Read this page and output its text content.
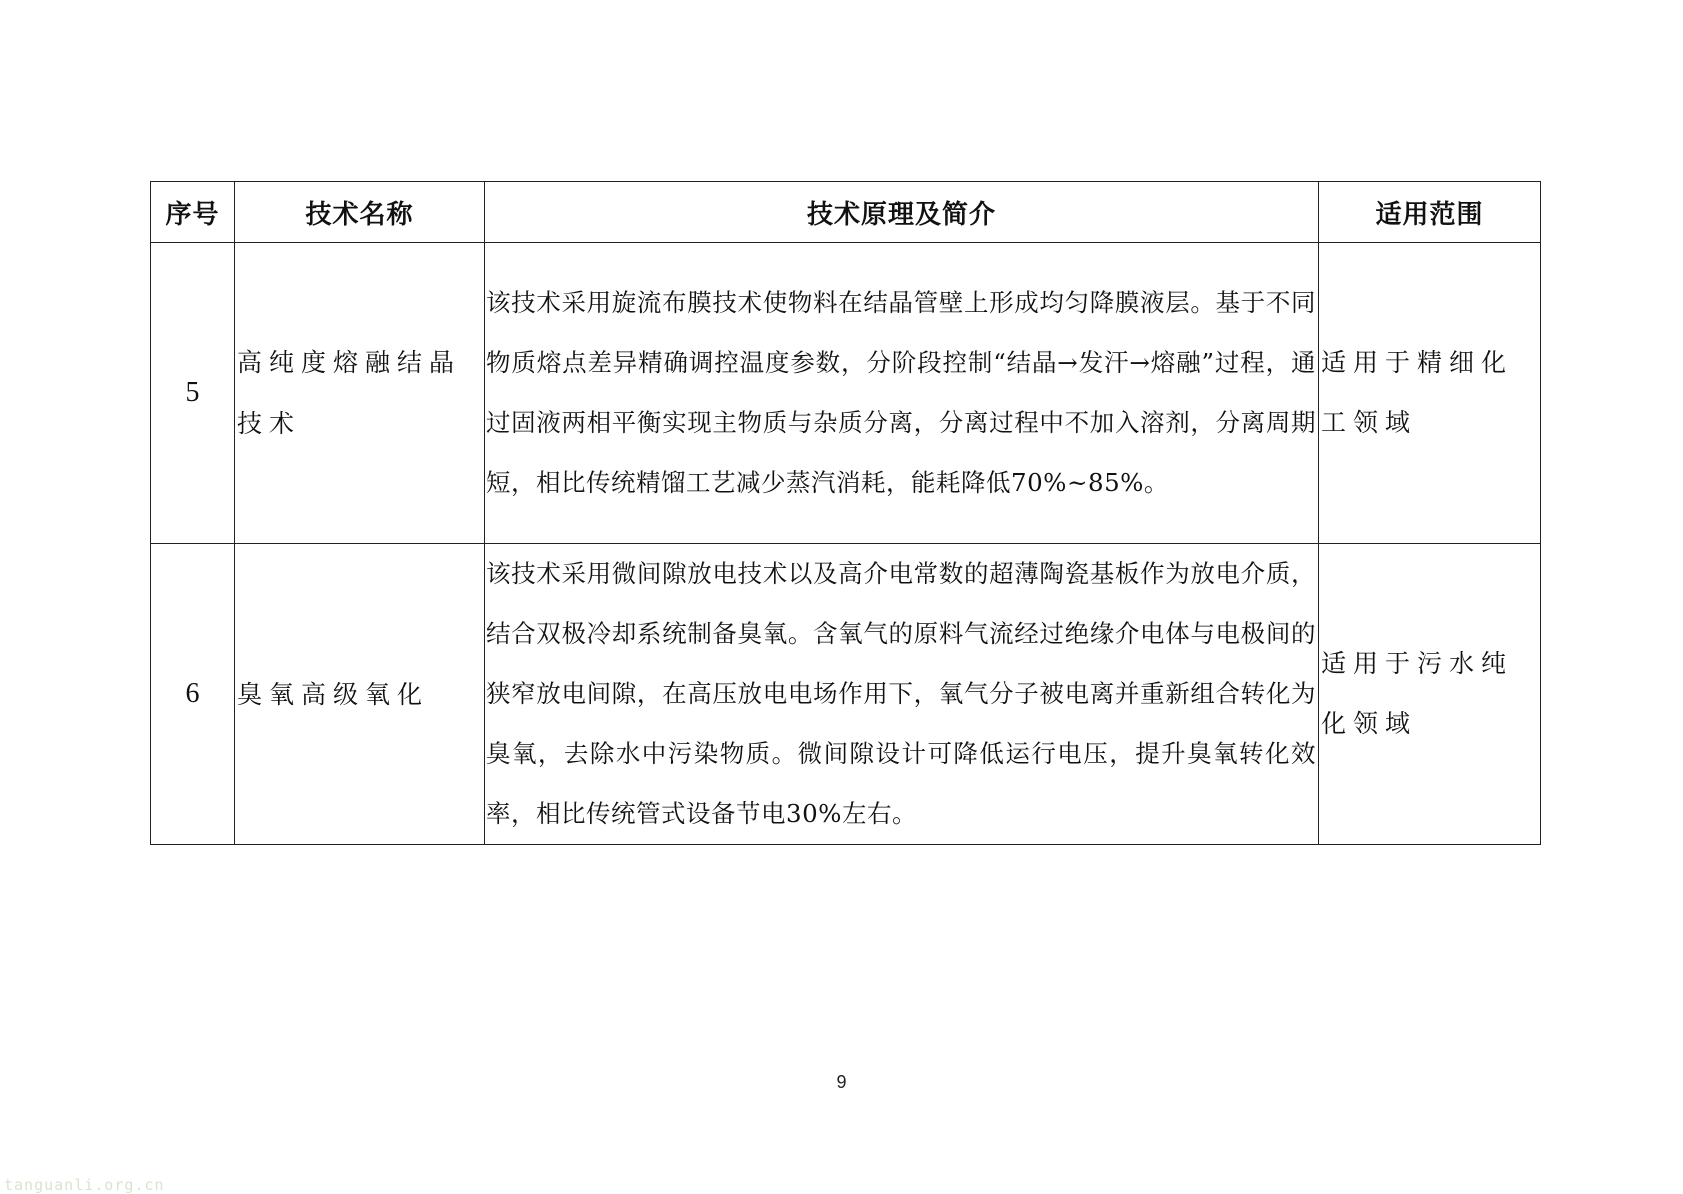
序号	技术名称	技术原理及简介	适用范围
5	高纯度熔融结晶技术	该技术采用旋流布膜技术使物料在结晶管壁上形成均匀降膜液层。基于不同物质熔点差异精确调控温度参数，分阶段控制“结晶→发汗→熔融”过程，通过固液两相平衡实现主物质与杂质分离，分离过程中不加入溶剂，分离周期短，相比传统精馏工艺减少蒸汽消耗，能耗降低70%~85%。	适用于精细化工领域
6	臭氧高级氧化	该技术采用微间隙放电技术以及高介电常数的超薄陶瓷基板作为放电介质，结合双极冷却系统制备臭氧。含氧气的原料气流经过绝缘介电体与电极间的狭窄放电间隙，在高压放电电场作用下，氧气分子被电离并重新组合转化为臭氧，去除水中污染物质。微间隙设计可降低运行电压，提升臭氧转化效率，相比传统管式设备节电30%左右。	适用于污水纯化领域
9
tanguanli.org.cn
